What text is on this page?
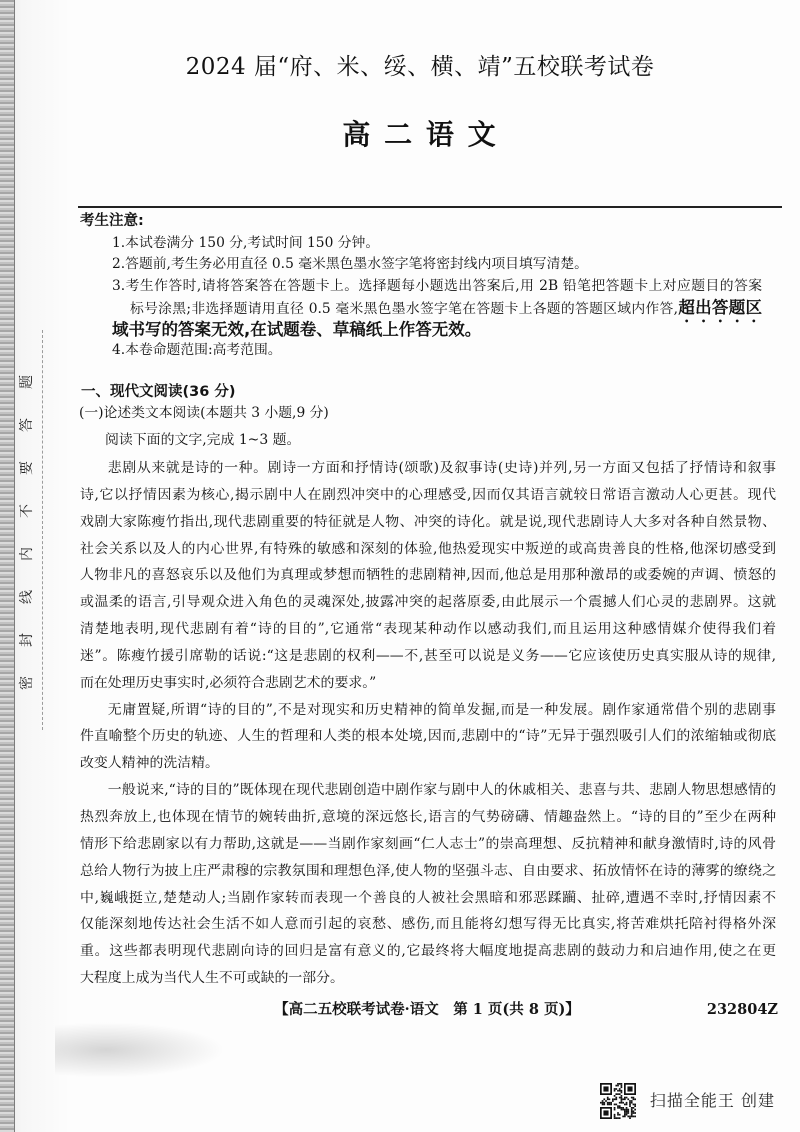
密封线内不要答题
2024 届“府、米、绥、横、靖”五校联考试卷
高 二 语 文
考生注意:
1.本试卷满分 150 分,考试时间 150 分钟。
2.答题前,考生务必用直径 0.5 毫米黑色墨水签字笔将密封线内项目填写清楚。
3.考生作答时,请将答案答在答题卡上。选择题每小题选出答案后,用 2B 铅笔把答题卡上对应题目的答案
标号涂黑;非选择题请用直径 0.5 毫米黑色墨水签字笔在答题卡上各题的答题区域内作答,超出答题区
域书写的答案无效,在试题卷、草稿纸上作答无效。
4.本卷命题范围:高考范围。
一、现代文阅读(36 分)
(一)论述类文本阅读(本题共 3 小题,9 分)
阅读下面的文字,完成 1~3 题。
悲剧从来就是诗的一种。剧诗一方面和抒情诗(颂歌)及叙事诗(史诗)并列,另一方面又包括了抒情诗和叙事
诗,它以抒情因素为核心,揭示剧中人在剧烈冲突中的心理感受,因而仅其语言就较日常语言激动人心更甚。现代
戏剧大家陈瘦竹指出,现代悲剧重要的特征就是人物、冲突的诗化。就是说,现代悲剧诗人大多对各种自然景物、
社会关系以及人的内心世界,有特殊的敏感和深刻的体验,他热爱现实中叛逆的或高贵善良的性格,他深切感受到
人物非凡的喜怒哀乐以及他们为真理或梦想而牺牲的悲剧精神,因而,他总是用那种激昂的或委婉的声调、愤怒的
或温柔的语言,引导观众进入角色的灵魂深处,披露冲突的起落原委,由此展示一个震撼人们心灵的悲剧界。这就
清楚地表明,现代悲剧有着“诗的目的”,它通常“表现某种动作以感动我们,而且运用这种感情媒介使得我们着
迷”。陈瘦竹援引席勒的话说:“这是悲剧的权利——不,甚至可以说是义务——它应该使历史真实服从诗的规律,
而在处理历史事实时,必须符合悲剧艺术的要求。”
无庸置疑,所谓“诗的目的”,不是对现实和历史精神的简单发掘,而是一种发展。剧作家通常借个别的悲剧事
件直喻整个历史的轨迹、人生的哲理和人类的根本处境,因而,悲剧中的“诗”无异于强烈吸引人们的浓缩轴或彻底
改变人精神的洗洁精。
一般说来,“诗的目的”既体现在现代悲剧创造中剧作家与剧中人的休戚相关、悲喜与共、悲剧人物思想感情的
热烈奔放上,也体现在情节的婉转曲折,意境的深远悠长,语言的气势磅礴、情趣盎然上。“诗的目的”至少在两种
情形下给悲剧家以有力帮助,这就是——当剧作家刻画“仁人志士”的崇高理想、反抗精神和献身激情时,诗的风骨
总给人物行为披上庄严肃穆的宗教氛围和理想色泽,使人物的坚强斗志、自由要求、拓放情怀在诗的薄雾的缭绕之
中,巍峨挺立,楚楚动人;当剧作家转而表现一个善良的人被社会黑暗和邪恶蹂躏、扯碎,遭遇不幸时,抒情因素不
仅能深刻地传达社会生活不如人意而引起的哀愁、感伤,而且能将幻想写得无比真实,将苦难烘托陪衬得格外深
重。这些都表明现代悲剧向诗的回归是富有意义的,它最终将大幅度地提高悲剧的鼓动力和启迪作用,使之在更
大程度上成为当代人生不可或缺的一部分。
【高二五校联考试卷·语文　第 1 页(共 8 页)】	232804Z
扫描全能王 创建
